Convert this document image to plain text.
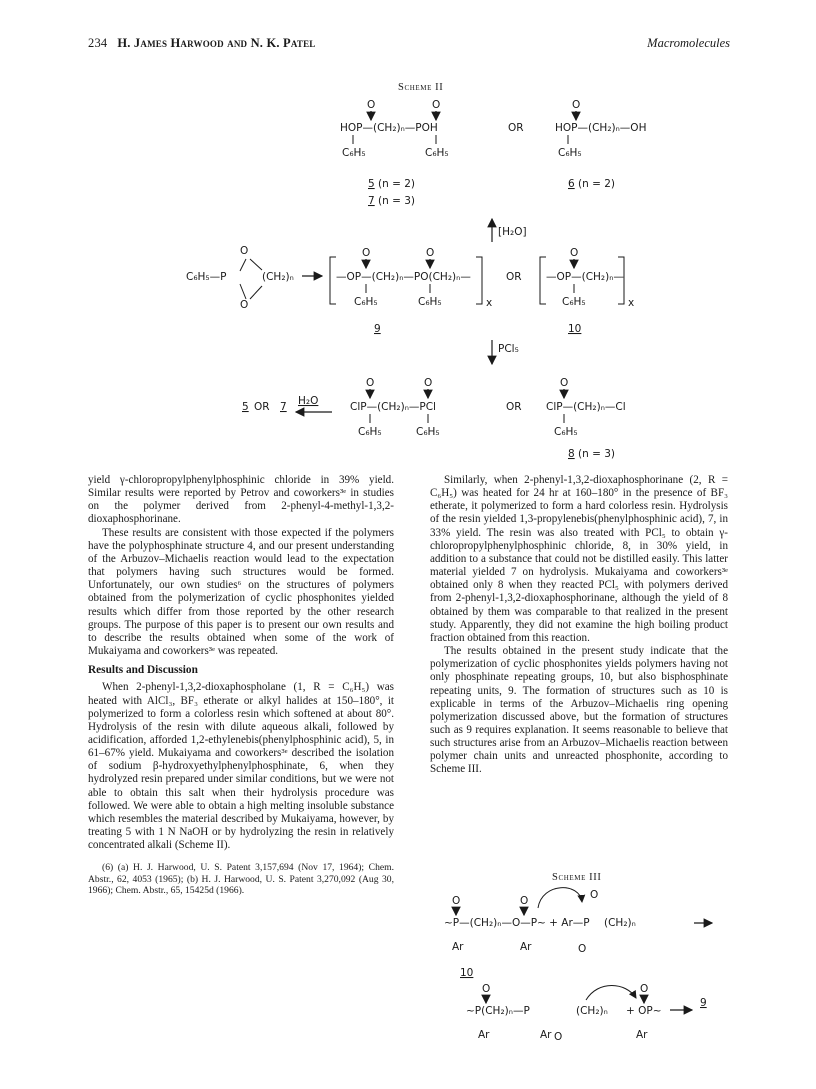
234 H. James Harwood and N. K. Patel	Macromolecules
Scheme II
O	O
HOP—(CH₂)ₙ—POH
C₆H₅	C₆H₅
5 (n = 2)
7 (n = 3)
OR
O
HOP—(CH₂)ₙ—OH
C₆H₅
6 (n = 2)
[H₂O]
C₆H₅—P
O
O
(CH₂)ₙ
O	O
—OP—(CH₂)ₙ—PO(CH₂)ₙ—
C₆H₅	C₆H₅	x
9
OR
O
—OP—(CH₂)ₙ—
C₆H₅	x
10
PCl₅
5 OR 7 H₂O
O	O
ClP—(CH₂)ₙ—PCl
C₆H₅	C₆H₅
OR
O
ClP—(CH₂)ₙ—Cl
C₆H₅
8 (n = 3)

yield γ-chloropropylphenylphosphinic chloride in 39% yield. Similar results were reported by Petrov and coworkers³ᵉ in studies on the polymer derived from 2-phenyl-4-methyl-1,3,2-dioxaphosphorinane.

These results are consistent with those expected if the polymers have the polyphosphinate structure 4, and our present understanding of the Arbuzov–Michaelis reaction would lead to the expectation that polymers having such structures would be formed. Unfortunately, our own studies⁶ on the structures of polymers obtained from the polymerization of cyclic phosphonites yielded results which differ from those reported by the other research groups. The purpose of this paper is to present our own results and to describe the results obtained when some of the work of Mukaiyama and coworkers³ᵉ was repeated.

Results and Discussion

When 2-phenyl-1,3,2-dioxaphospholane (1, R = C₆H₅) was heated with AlCl₃, BF₃ etherate or alkyl halides at 150–180°, it polymerized to form a colorless resin which softened at about 80°. Hydrolysis of the resin with dilute aqueous alkali, followed by acidification, afforded 1,2-ethylenebis(phenylphosphinic acid), 5, in 61–67% yield. Mukaiyama and coworkers³ᵉ described the isolation of sodium β-hydroxyethylphenylphosphinate, 6, when they hydrolyzed resin prepared under similar conditions, but we were not able to obtain this salt when their hydrolysis procedure was followed. We were able to obtain a high melting insoluble substance which resembles the material described by Mukaiyama, however, by treating 5 with 1 N NaOH or by hydrolyzing the resin in relatively concentrated alkali (Scheme II).

(6) (a) H. J. Harwood, U. S. Patent 3,157,694 (Nov 17, 1964); Chem. Abstr., 62, 4053 (1965); (b) H. J. Harwood, U. S. Patent 3,270,092 (Aug 30, 1966); Chem. Abstr., 65, 15425d (1966).

Similarly, when 2-phenyl-1,3,2-dioxaphosphorinane (2, R = C₆H₅) was heated for 24 hr at 160–180° in the presence of BF₃ etherate, it polymerized to form a hard colorless resin. Hydrolysis of the resin yielded 1,3-propylenebis(phenylphosphinic acid), 7, in 33% yield. The resin was also treated with PCl₅ to obtain γ-chloropropylphenylphosphinic chloride, 8, in 30% yield, in addition to a substance that could not be distilled easily. This latter material yielded 7 on hydrolysis. Mukaiyama and coworkers³ᵉ obtained only 8 when they reacted PCl₅ with polymers derived from 2-phenyl-1,3,2-dioxaphosphorinane, although the yield of 8 obtained by them was comparable to that realized in the present study. Apparently, they did not examine the high boiling product fraction obtained from this reaction.

The results obtained in the present study indicate that the polymerization of cyclic phosphonites yields polymers having not only phosphinate repeating groups, 10, but also bisphosphinate repeating units, 9. The formation of structures such as 10 is explicable in terms of the Arbuzov–Michaelis ring opening polymerization discussed above, but the formation of structures such as 9 requires explanation. It seems reasonable to believe that such structures arise from an Arbuzov–Michaelis reaction between polymer chain units and unreacted phosphonite, according to Scheme III.

Scheme III
O	O	O
~P—(CH₂)ₙ—O—P~ + Ar—P (CH₂)ₙ
Ar	Ar	O
10
O	O
~P(CH₂)ₙ—P	(CH₂)ₙ + OP~
9
Ar	Ar O	Ar
